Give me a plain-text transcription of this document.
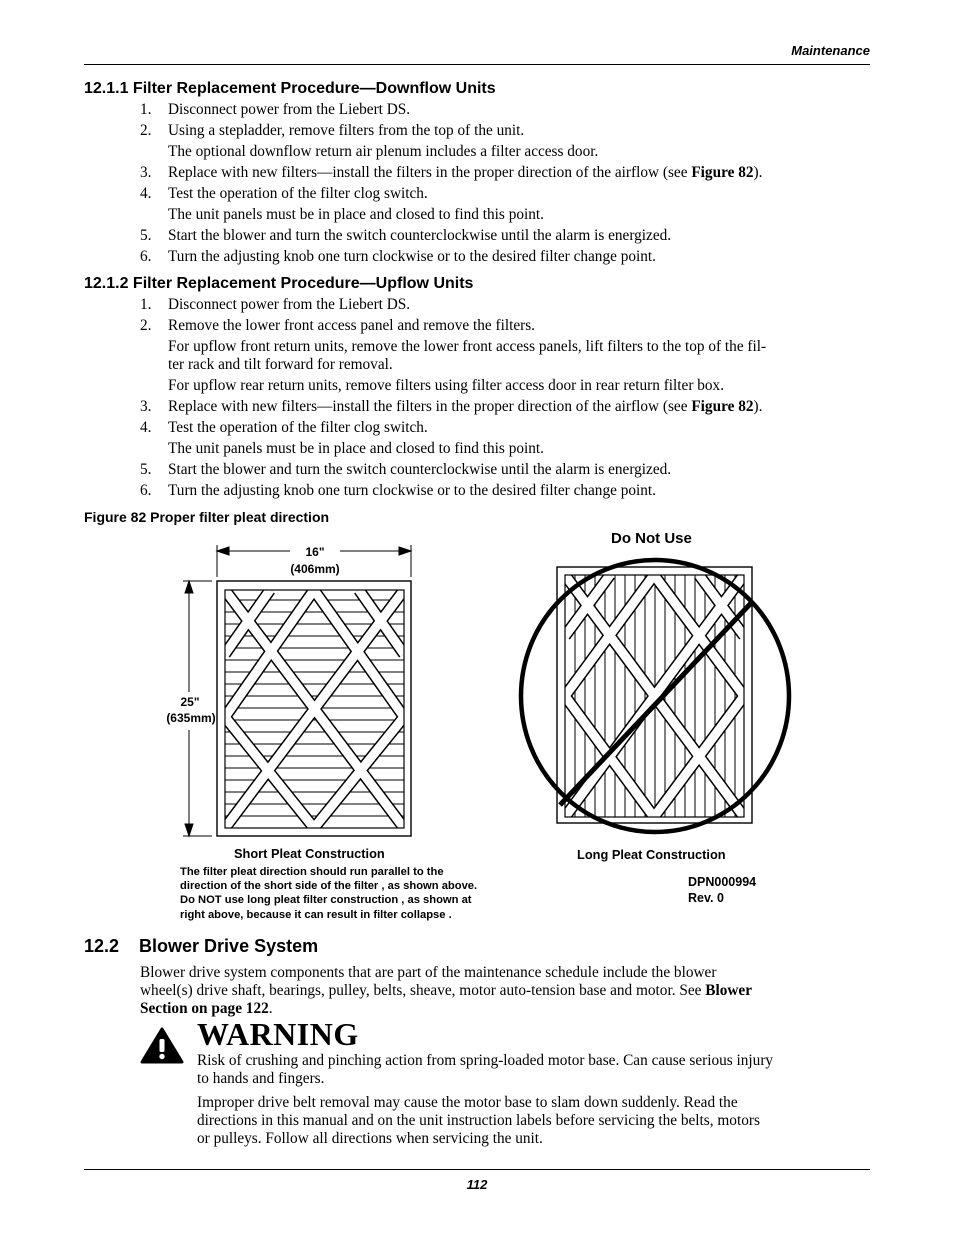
Maintenance
12.1.1 Filter Replacement Procedure—Downflow Units
1. Disconnect power from the Liebert DS.
2. Using a stepladder, remove filters from the top of the unit.
The optional downflow return air plenum includes a filter access door.
3. Replace with new filters—install the filters in the proper direction of the airflow (see Figure 82).
4. Test the operation of the filter clog switch.
The unit panels must be in place and closed to find this point.
5. Start the blower and turn the switch counterclockwise until the alarm is energized.
6. Turn the adjusting knob one turn clockwise or to the desired filter change point.
12.1.2 Filter Replacement Procedure—Upflow Units
1. Disconnect power from the Liebert DS.
2. Remove the lower front access panel and remove the filters.
For upflow front return units, remove the lower front access panels, lift filters to the top of the fil-
ter rack and tilt forward for removal.
For upflow rear return units, remove filters using filter access door in rear return filter box.
3. Replace with new filters—install the filters in the proper direction of the airflow (see Figure 82).
4. Test the operation of the filter clog switch.
The unit panels must be in place and closed to find this point.
5. Start the blower and turn the switch counterclockwise until the alarm is energized.
6. Turn the adjusting knob one turn clockwise or to the desired filter change point.
Figure 82 Proper filter pleat direction
16"
(406mm)
25"
(635mm)
Do Not Use
Short Pleat Construction	Long Pleat Construction
The filter pleat direction should run parallel to the
direction of the short side of the filter , as shown above.
Do NOT use long pleat filter construction , as shown at
right above, because it can result in filter collapse .
DPN000994
Rev. 0
12.2    Blower Drive System
Blower drive system components that are part of the maintenance schedule include the blower
wheel(s) drive shaft, bearings, pulley, belts, sheave, motor auto-tension base and motor. See Blower
Section on page 122.
WARNING
Risk of crushing and pinching action from spring-loaded motor base. Can cause serious injury
to hands and fingers.
Improper drive belt removal may cause the motor base to slam down suddenly. Read the
directions in this manual and on the unit instruction labels before servicing the belts, motors
or pulleys. Follow all directions when servicing the unit.
112
